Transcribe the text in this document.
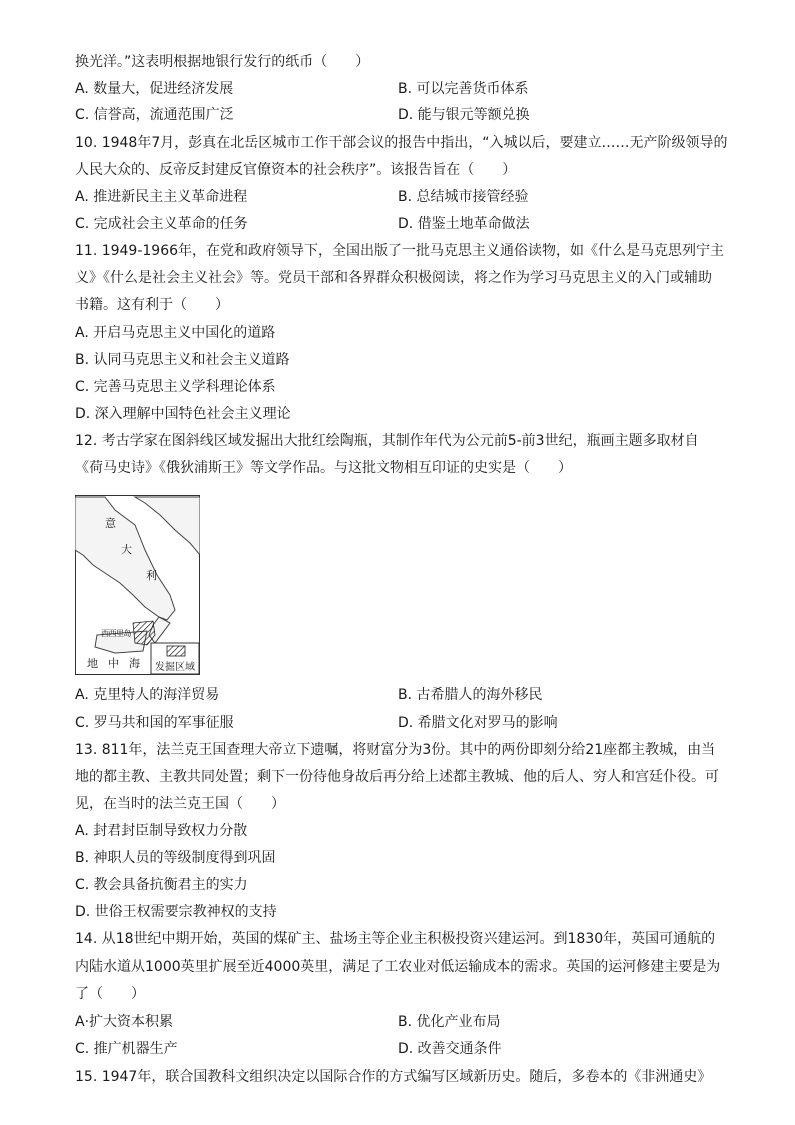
换光洋。”这表明根据地银行发行的纸币（　　）
A. 数量大，促进经济发展	B. 可以完善货币体系
C. 信誉高，流通范围广泛	D. 能与银元等额兑换
10. 1948年7月，彭真在北岳区城市工作干部会议的报告中指出，“入城以后，要建立……无产阶级领导的
人民大众的、反帝反封建反官僚资本的社会秩序”。该报告旨在（　　）
A. 推进新民主主义革命进程	B. 总结城市接管经验
C. 完成社会主义革命的任务	D. 借鉴土地革命做法
11. 1949-1966年，在党和政府领导下，全国出版了一批马克思主义通俗读物，如《什么是马克思列宁主
义》《什么是社会主义社会》等。党员干部和各界群众积极阅读，将之作为学习马克思主义的入门或辅助
书籍。这有利于（　　）
A. 开启马克思主义中国化的道路
B. 认同马克思主义和社会主义道路
C. 完善马克思主义学科理论体系
D. 深入理解中国特色社会主义理论
12. 考古学家在图斜线区域发掘出大批红绘陶瓶，其制作年代为公元前5-前3世纪，瓶画主题多取材自
《荷马史诗》《俄狄浦斯王》等文学作品。与这批文物相互印证的史实是（　　）
意
大
利
西西里岛
地 中 海 发掘区域
A. 克里特人的海洋贸易	B. 古希腊人的海外移民
C. 罗马共和国的军事征服	D. 希腊文化对罗马的影响
13. 811年，法兰克王国查理大帝立下遗嘱，将财富分为3份。其中的两份即刻分给21座都主教城，由当
地的都主教、主教共同处置；剩下一份待他身故后再分给上述都主教城、他的后人、穷人和宫廷仆役。可
见，在当时的法兰克王国（　　）
A. 封君封臣制导致权力分散
B. 神职人员的等级制度得到巩固
C. 教会具备抗衡君主的实力
D. 世俗王权需要宗教神权的支持
14. 从18世纪中期开始，英国的煤矿主、盐场主等企业主积极投资兴建运河。到1830年，英国可通航的
内陆水道从1000英里扩展至近4000英里，满足了工农业对低运输成本的需求。英国的运河修建主要是为
了（　　）
A·扩大资本积累	B. 优化产业布局
C. 推广机器生产	D. 改善交通条件
15. 1947年，联合国教科文组织决定以国际合作的方式编写区域新历史。随后，多卷本的《非洲通史》
